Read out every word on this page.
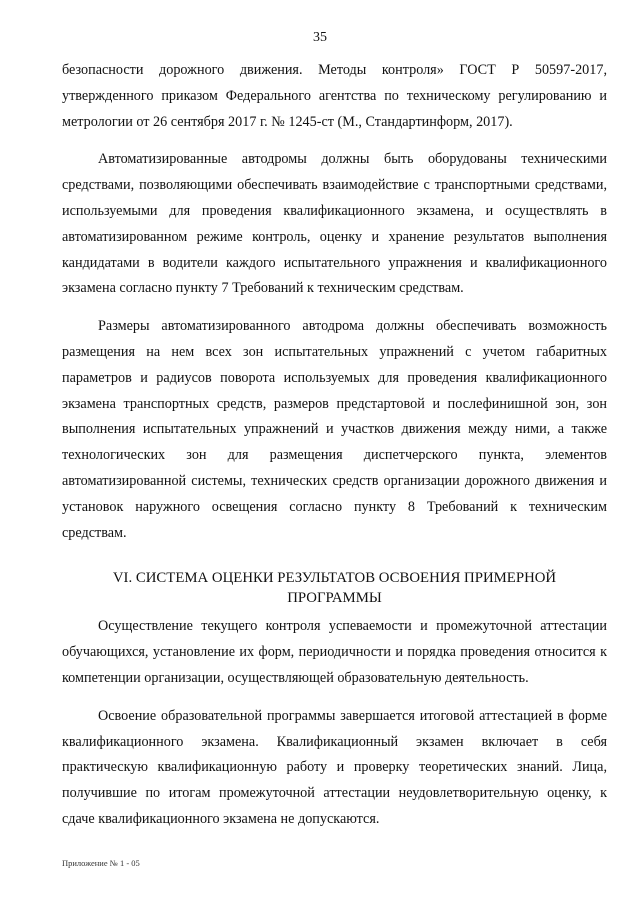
35

безопасности дорожного движения. Методы контроля» ГОСТ Р 50597-2017, утвержденного приказом Федерального агентства по техническому регулированию и метрологии от 26 сентября 2017 г. № 1245-ст (М., Стандартинформ, 2017).

Автоматизированные автодромы должны быть оборудованы техническими средствами, позволяющими обеспечивать взаимодействие с транспортными средствами, используемыми для проведения квалификационного экзамена, и осуществлять в автоматизированном режиме контроль, оценку и хранение результатов выполнения кандидатами в водители каждого испытательного упражнения и квалификационного экзамена согласно пункту 7 Требований к техническим средствам.

Размеры автоматизированного автодрома должны обеспечивать возможность размещения на нем всех зон испытательных упражнений с учетом габаритных параметров и радиусов поворота используемых для проведения квалификационного экзамена транспортных средств, размеров предстартовой и послефинишной зон, зон выполнения испытательных упражнений и участков движения между ними, а также технологических зон для размещения диспетчерского пункта, элементов автоматизированной системы, технических средств организации дорожного движения и установок наружного освещения согласно пункту 8 Требований к техническим средствам.

VI. СИСТЕМА ОЦЕНКИ РЕЗУЛЬТАТОВ ОСВОЕНИЯ ПРИМЕРНОЙ
ПРОГРАММЫ

Осуществление текущего контроля успеваемости и промежуточной аттестации обучающихся, установление их форм, периодичности и порядка проведения относится к компетенции организации, осуществляющей образовательную деятельность.

Освоение образовательной программы завершается итоговой аттестацией в форме квалификационного экзамена. Квалификационный экзамен включает в себя практическую квалификационную работу и проверку теоретических знаний. Лица, получившие по итогам промежуточной аттестации неудовлетворительную оценку, к сдаче квалификационного экзамена не допускаются.

Приложение № 1 - 05
